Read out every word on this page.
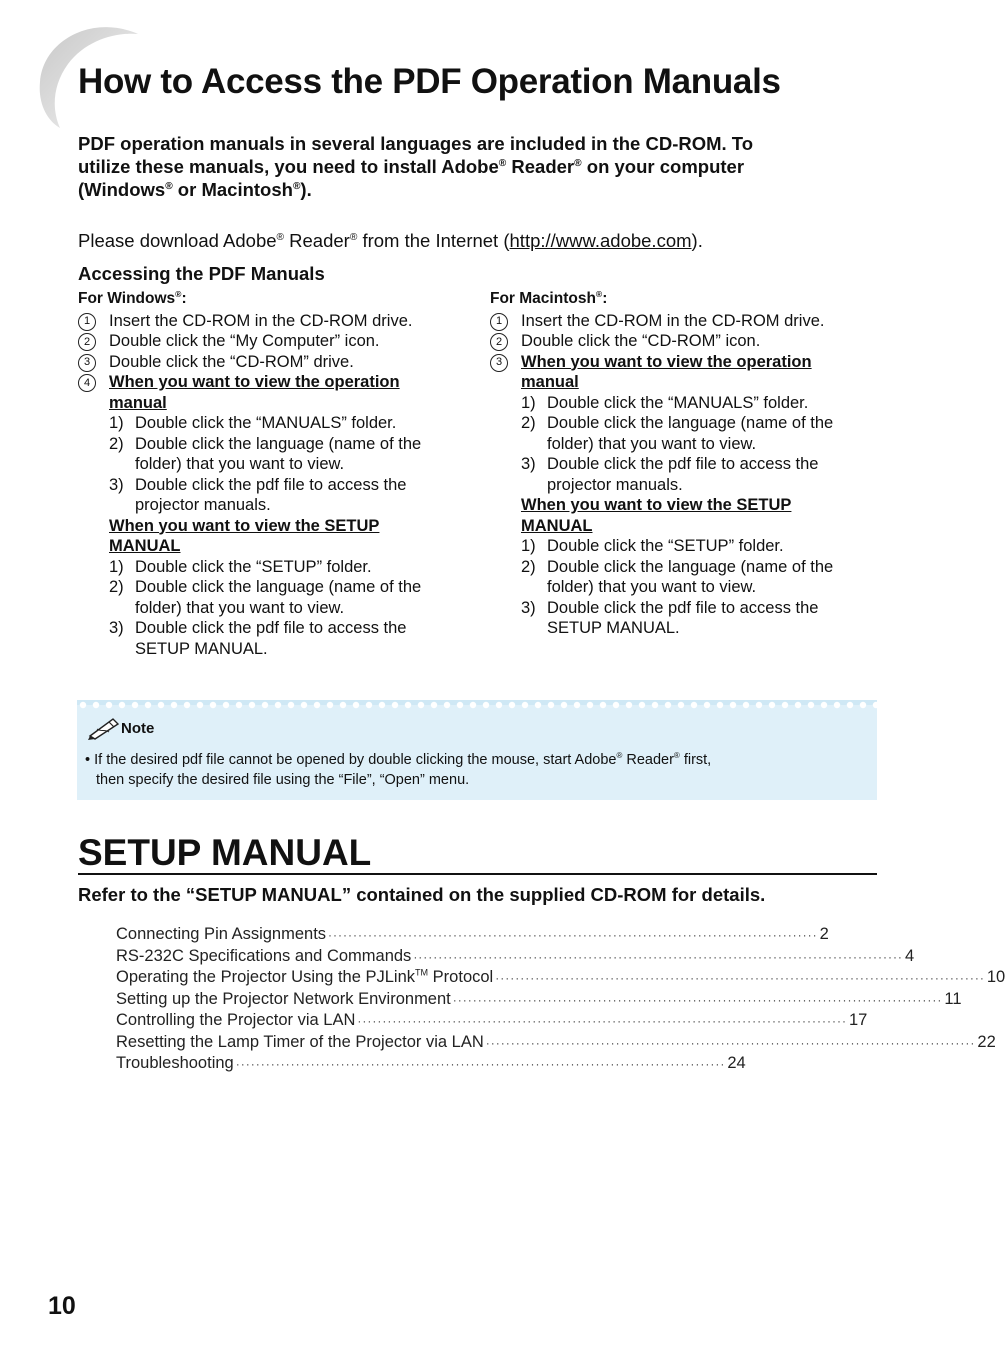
How to Access the PDF Operation Manuals

PDF operation manuals in several languages are included in the CD-ROM. To
utilize these manuals, you need to install Adobe® Reader® on your computer
(Windows® or Macintosh®).

Please download Adobe® Reader® from the Internet (http://www.adobe.com).
Accessing the PDF Manuals
For Windows®:
1	Insert the CD-ROM in the CD-ROM drive.
2	Double click the “My Computer” icon.
3	Double click the “CD-ROM” drive.
4	When you want to view the operation
manual
1) Double click the “MANUALS” folder.
2) Double click the language (name of the
folder) that you want to view.
3) Double click the pdf file to access the
projector manuals.
When you want to view the SETUP
MANUAL
1) Double click the “SETUP” folder.
2) Double click the language (name of the
folder) that you want to view.
3) Double click the pdf file to access the
SETUP MANUAL.
For Macintosh®:
1	Insert the CD-ROM in the CD-ROM drive.
2	Double click the “CD-ROM” icon.
3	When you want to view the operation
manual
1) Double click the “MANUALS” folder.
2) Double click the language (name of the
folder) that you want to view.
3) Double click the pdf file to access the
projector manuals.
When you want to view the SETUP
MANUAL
1) Double click the “SETUP” folder.
2) Double click the language (name of the
folder) that you want to view.
3) Double click the pdf file to access the
SETUP MANUAL.
Note
• If the desired pdf file cannot be opened by double clicking the mouse, start Adobe® Reader® first,
then specify the desired file using the “File”, “Open” menu.
SETUP MANUAL
Refer to the “SETUP MANUAL” contained on the supplied CD-ROM for details.
Connecting Pin Assignments ·································································································· 2
RS-232C Specifications and Commands ·································································································· 4
Operating the Projector Using the PJLink™ Protocol ·································································································· 10
Setting up the Projector Network Environment ·································································································· 11
Controlling the Projector via LAN ·································································································· 17
Resetting the Lamp Timer of the Projector via LAN ·································································································· 22
Troubleshooting ·································································································· 24
10
